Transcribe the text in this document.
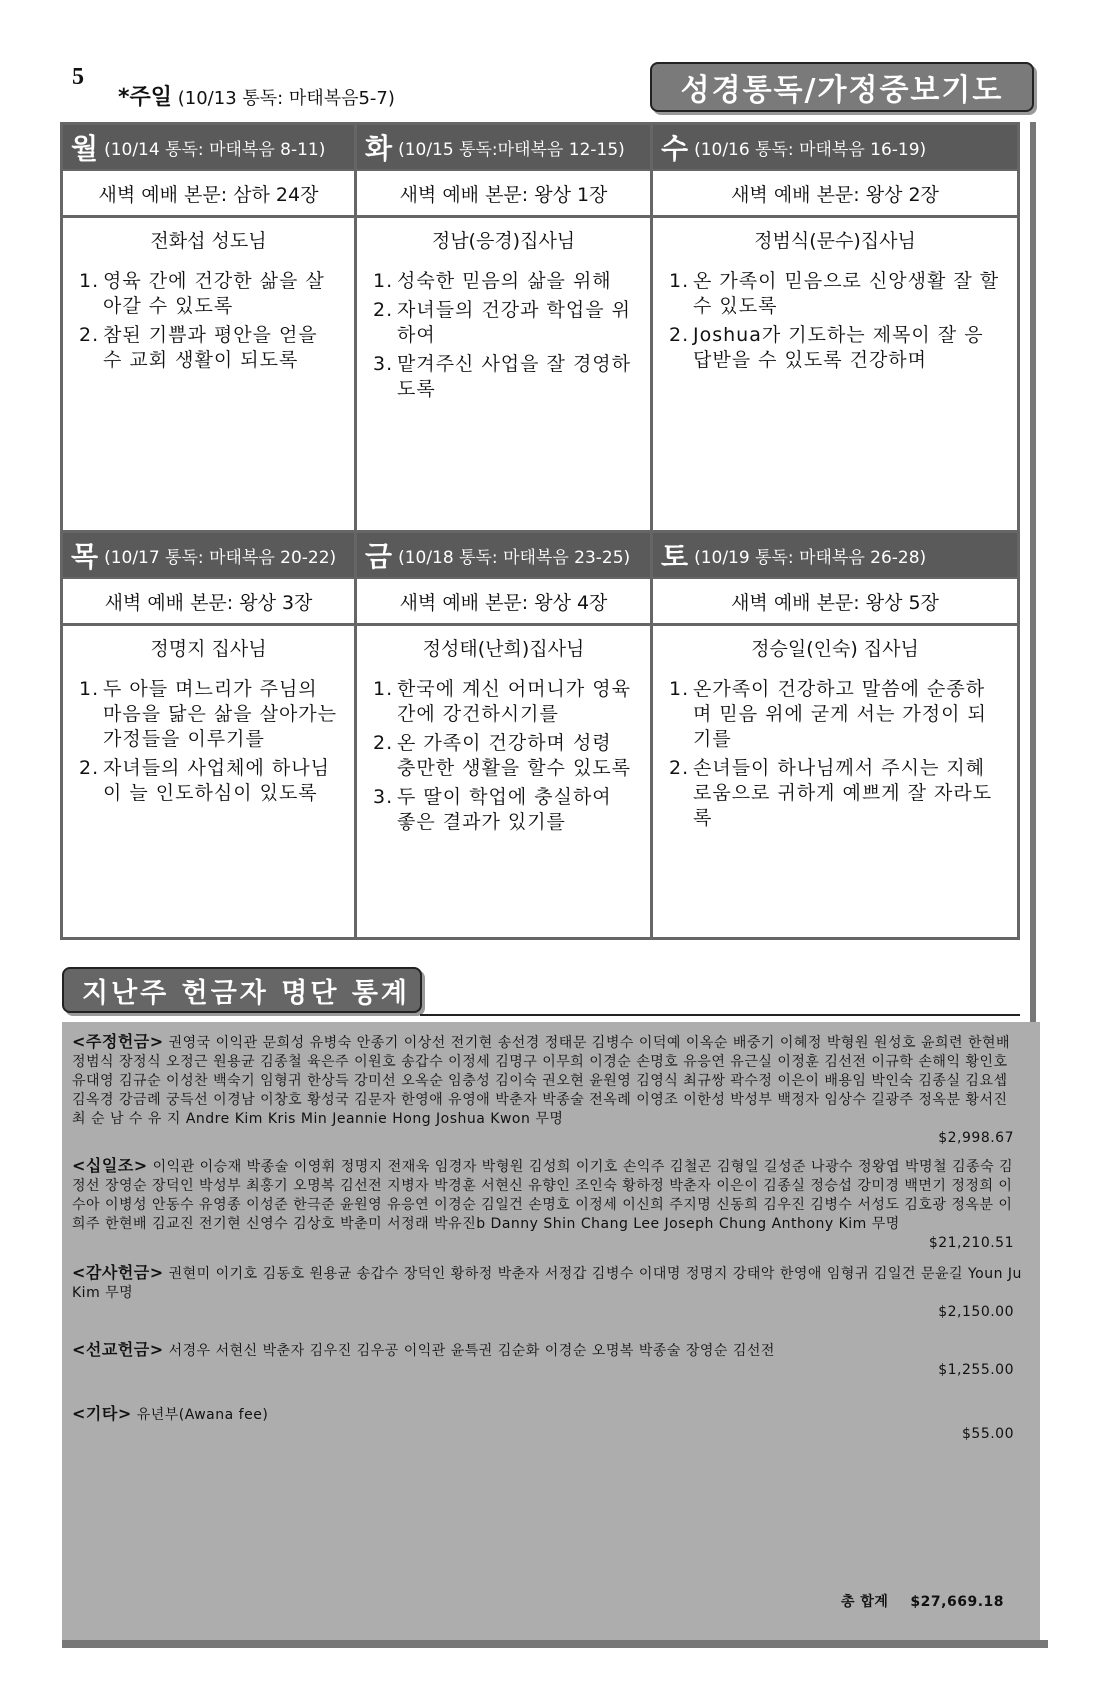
5
*주일 (10/13 통독: 마태복음5-7)	성경통독/가정중보기도
월 (10/14 통독: 마태복음 8-11)
새벽 예배 본문: 삼하 24장
전화섭 성도님
1. 영육 간에 건강한 삶을 살아갈 수 있도록
2. 참된 기쁨과 평안을 얻을 수 교회 생활이 되도록
화 (10/15 통독:마태복음 12-15)
새벽 예배 본문: 왕상 1장
정남(응경)집사님
1. 성숙한 믿음의 삶을 위해
2. 자녀들의 건강과 학업을 위하여
3. 맡겨주신 사업을 잘 경영하도록
수 (10/16 통독: 마태복음 16-19)
새벽 예배 본문: 왕상 2장
정범식(문수)집사님
1. 온 가족이 믿음으로 신앙생활 잘 할 수 있도록
2. Joshua가 기도하는 제목이 잘 응답받을 수 있도록 건강하며
목 (10/17 통독: 마태복음 20-22)
새벽 예배 본문: 왕상 3장
정명지 집사님
1. 두 아들 며느리가 주님의 마음을 닮은 삶을 살아가는 가정들을 이루기를
2. 자녀들의 사업체에 하나님이 늘 인도하심이 있도록
금 (10/18 통독: 마태복음 23-25)
새벽 예배 본문: 왕상 4장
정성태(난희)집사님
1. 한국에 계신 어머니가 영육 간에 강건하시기를
2. 온 가족이 건강하며 성령 충만한 생활을 할수 있도록
3. 두 딸이 학업에 충실하여 좋은 결과가 있기를
토 (10/19 통독: 마태복음 26-28)
새벽 예배 본문: 왕상 5장
정승일(인숙) 집사님
1. 온가족이 건강하고 말씀에 순종하며 믿음 위에 굳게 서는 가정이 되기를
2. 손녀들이 하나님께서 주시는 지혜로움으로 귀하게 예쁘게 잘 자라도록
지난주 헌금자 명단 통계
<주정헌금> 권영국 이익관 문희성 유병숙 안종기 이상선 전기현 송선경 정태문 김병수 이덕예 이옥순 배중기 이혜정 박형원 원성호 윤희련 한현배 정범식 장정식 오정근 원용균 김종철 육은주 이원호 송갑수 이정세 김명구 이무희 이경순 손명호 유응연 유근실 이정훈 김선전 이규학 손해익 황인호 유대영 김규순 이성찬 백숙기 임형귀 한상득 강미선 오옥순 임충성 김이숙 권오현 윤원영 김영식 최규쌍 곽수정 이은이 배용임 박인숙 김종실 김요셉 김옥경 강금례 궁득선 이경남 이창호 황성국 김문자 한영애 유영애 박춘자 박종술 전옥례 이영조 이한성 박성부 백정자 임상수 길광주 정옥분 황서진 최 순 남 수 유 지 Andre Kim Kris Min Jeannie Hong Joshua Kwon 무명
$2,998.67
<십일조> 이익관 이승재 박종술 이영휘 정명지 전재욱 임경자 박형원 김성희 이기호 손익주 김철곤 김형일 길성준 나광수 정왕엽 박명철 김종숙 김정선 장영순 장덕인 박성부 최홍기 오명복 김선전 지병자 박경훈 서현신 유향인 조인숙 황하정 박춘자 이은이 김종실 정승섭 강미경 백면기 정정희 이수아 이병성 안동수 유영종 이성준 한극준 윤원영 유응연 이경순 김일건 손명호 이정세 이신희 주지명 신동희 김우진 김병수 서성도 김호광 정옥분 이희주 한현배 김교진 전기현 신영수 김상호 박춘미 서정래 박유진b Danny Shin Chang Lee Joseph Chung Anthony Kim 무명
$21,210.51
<감사헌금> 권현미 이기호 김동호 원용균 송갑수 장덕인 황하정 박춘자 서정갑 김병수 이대명 정명지 강태악 한영애 임형귀 김일건 문윤길 Youn Ju Kim 무명
$2,150.00
<선교헌금> 서경우 서현신 박춘자 김우진 김우공 이익관 윤특권 김순화 이경순 오명복 박종술 장영순 김선전
$1,255.00
<기타> 유년부(Awana fee)
$55.00
총 합계 $27,669.18
